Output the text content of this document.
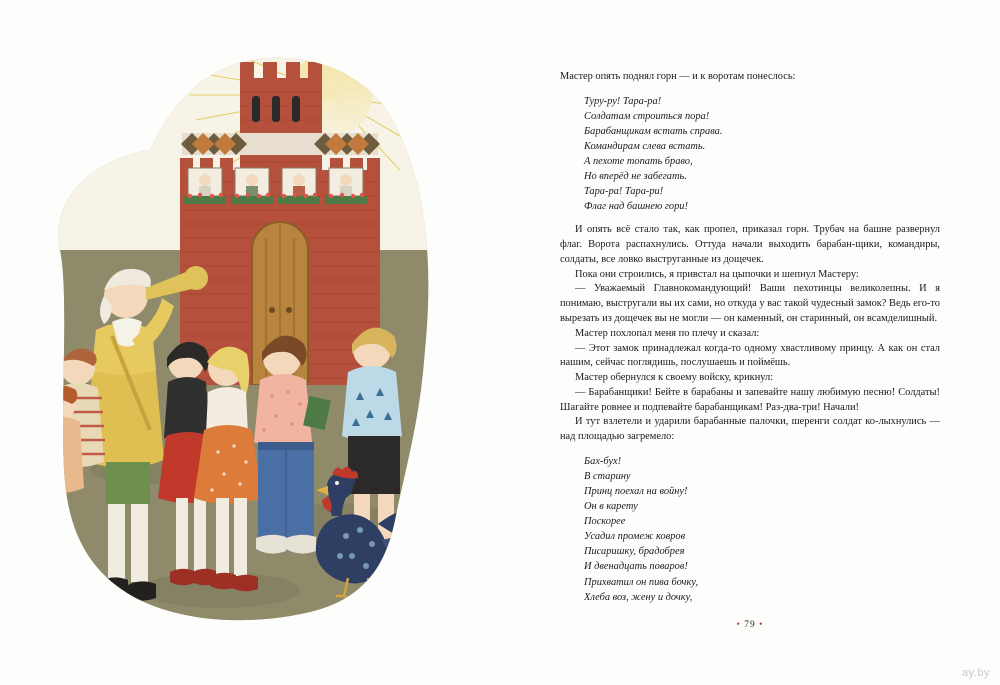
Мастер опять поднял горн — и к воротам понеслось:

Туру-ру! Тара-ра!
Солдатам строиться пора!
Барабанщикам встать справа.
Командирам слева встать.
А пехоте топать браво,
Но вперёд не забегать.
Тара-ра! Тара-ри!
Флаг над башнею гори!

И опять всё стало так, как пропел, приказал горн. Трубач на башне развернул флаг. Ворота распахнулись. Оттуда начали выходить барабан-щики, командиры, солдаты, все ловко выструганные из дощечек.

Пока они строились, я привстал на цыпочки и шепнул Мастеру:

— Уважаемый Главнокомандующий! Ваши пехотинцы великолепны. И я понимаю, выстругали вы их сами, но откуда у вас такой чудесный замок? Ведь его-то вырезать из дощечек вы не могли — он каменный, он старинный, он всамделишный.

Мастер похлопал меня по плечу и сказал:

— Этот замок принадлежал когда-то одному хвастливому принцу. А как он стал нашим, сейчас поглядишь, послушаешь и поймёшь.

Мастер обернулся к своему войску, крикнул:

— Барабанщики! Бейте в барабаны и запевайте нашу любимую песню! Солдаты! Шагайте ровнее и подпевайте барабанщикам! Раз-два-три! Начали!

И тут взлетели и ударили барабанные палочки, шеренги солдат ко-лыхнулись — над площадью загремело:

Бах-бух!
В старину
Принц поехал на войну!
Он в карету
Поскорее
Усадил промеж ковров
Писаришку, брадобрея
И двенадцать поваров!
Прихватил он пива бочку,
Хлеба воз, жену и дочку,
• 79 •
ay.by
